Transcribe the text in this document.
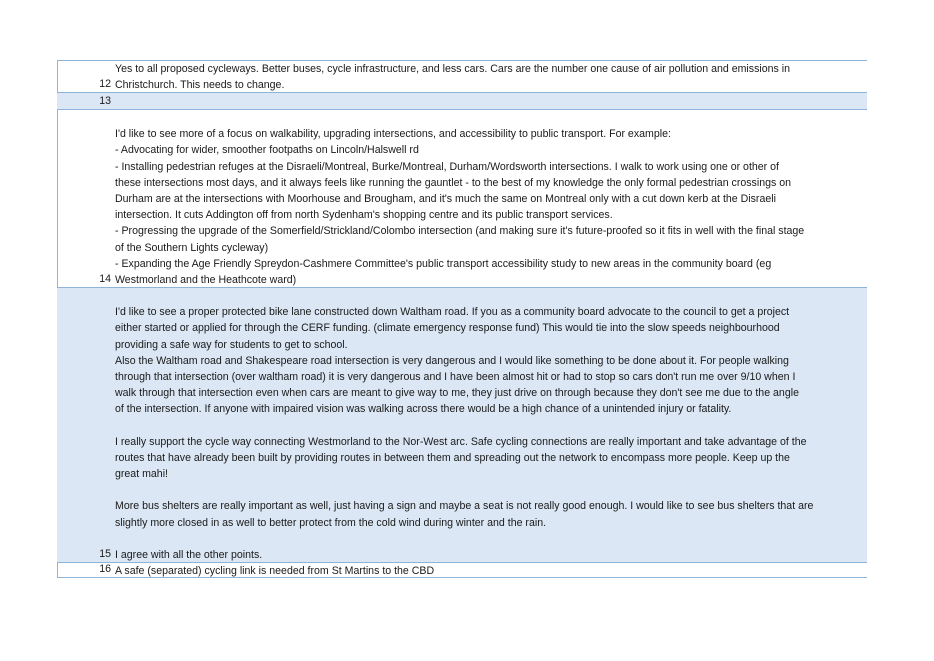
Yes to all proposed cycleways. Better buses, cycle infrastructure, and less cars. Cars are the number one cause of air pollution and emissions in
Christchurch. This needs to change.
12
13
I'd like to see more of a focus on walkability, upgrading intersections, and accessibility to public transport. For example:
- Advocating for wider, smoother footpaths on Lincoln/Halswell rd
- Installing pedestrian refuges at the Disraeli/Montreal, Burke/Montreal, Durham/Wordsworth intersections. I walk to work using one or other of
these intersections most days, and it always feels like running the gauntlet - to the best of my knowledge the only formal pedestrian crossings on
Durham are at the intersections with Moorhouse and Brougham, and it's much the same on Montreal only with a cut down kerb at the Disraeli
intersection. It cuts Addington off from north Sydenham's shopping centre and its public transport services.
- Progressing the upgrade of the Somerfield/Strickland/Colombo intersection (and making sure it's future-proofed so it fits in well with the final stage
of the Southern Lights cycleway)
- Expanding the Age Friendly Spreydon-Cashmere Committee's public transport accessibility study to new areas in the community board (eg
Westmorland and the Heathcote ward)
14
I'd like to see a proper protected bike lane constructed down Waltham road. If you as a community board advocate to the council to get a project
either started or applied for through the CERF funding. (climate emergency response fund) This would tie into the slow speeds neighbourhood
providing a safe way for students to get to school.
Also the Waltham road and Shakespeare road intersection is very dangerous and I would like something to be done about it. For people walking
through that intersection (over waltham road) it is very dangerous and I have been almost hit or had to stop so cars don't run me over 9/10 when I
walk through that intersection even when cars are meant to give way to me, they just drive on through because they don't see me due to the angle
of the intersection. If anyone with impaired vision was walking across there would be a high chance of a unintended injury or fatality.
I really support the cycle way connecting Westmorland to the Nor-West arc. Safe cycling connections are really important and take advantage of the
routes that have already been built by providing routes in between them and spreading out the network to encompass more people. Keep up the
great mahi!
More bus shelters are really important as well, just having a sign and maybe a seat is not really good enough. I would like to see bus shelters that are
slightly more closed in as well to better protect from the cold wind during winter and the rain.
I agree with all the other points.
15
A safe (separated) cycling link is needed from St Martins to the CBD
16
